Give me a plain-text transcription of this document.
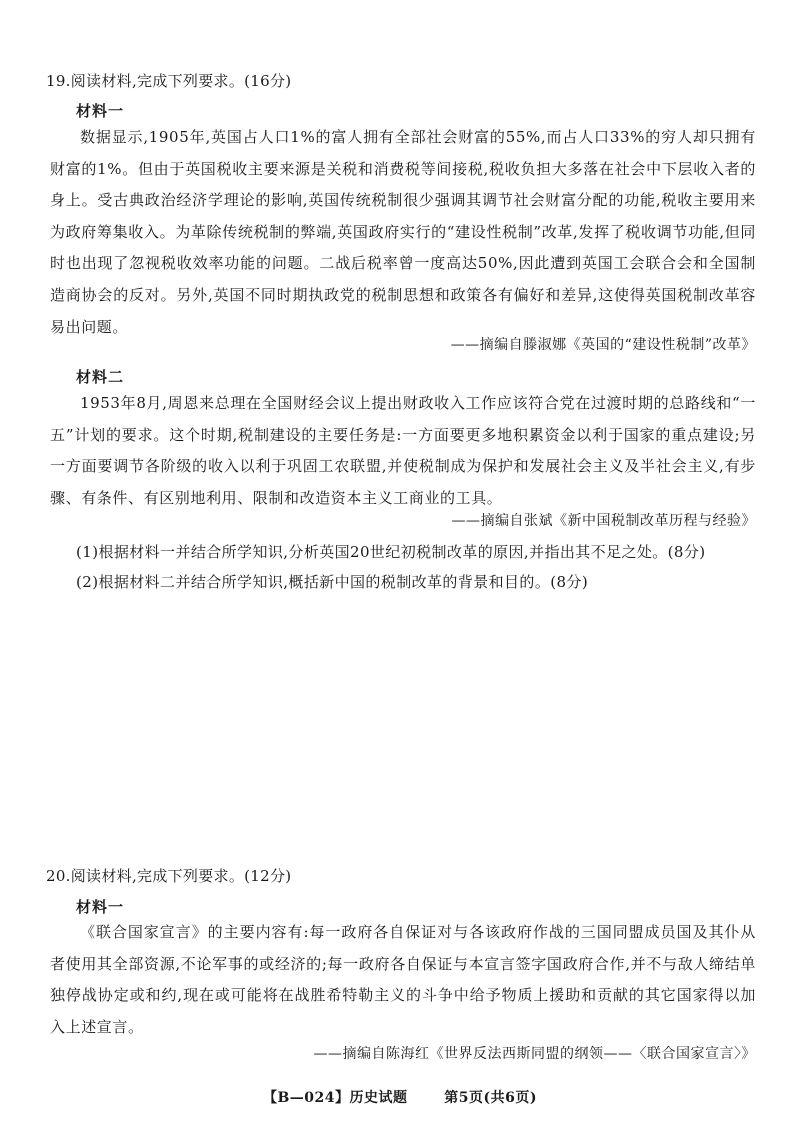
19.阅读材料,完成下列要求。(16分)
材料一

数据显示,1905年,英国占人口1%的富人拥有全部社会财富的55%,而占人口33%的穷人却只拥有财富的1%。但由于英国税收主要来源是关税和消费税等间接税,税收负担大多落在社会中下层收入者的身上。受古典政治经济学理论的影响,英国传统税制很少强调其调节社会财富分配的功能,税收主要用来为政府筹集收入。为革除传统税制的弊端,英国政府实行的“建设性税制”改革,发挥了税收调节功能,但同时也出现了忽视税收效率功能的问题。二战后税率曾一度高达50%,因此遭到英国工会联合会和全国制造商协会的反对。另外,英国不同时期执政党的税制思想和政策各有偏好和差异,这使得英国税制改革容易出问题。

——摘编自滕淑娜《英国的“建设性税制”改革》
材料二

1953年8月,周恩来总理在全国财经会议上提出财政收入工作应该符合党在过渡时期的总路线和“一五”计划的要求。这个时期,税制建设的主要任务是:一方面要更多地积累资金以利于国家的重点建设;另一方面要调节各阶级的收入以利于巩固工农联盟,并使税制成为保护和发展社会主义及半社会主义,有步骤、有条件、有区别地利用、限制和改造资本主义工商业的工具。

——摘编自张斌《新中国税制改革历程与经验》
(1)根据材料一并结合所学知识,分析英国20世纪初税制改革的原因,并指出其不足之处。(8分)
(2)根据材料二并结合所学知识,概括新中国的税制改革的背景和目的。(8分)
20.阅读材料,完成下列要求。(12分)
材料一

《联合国家宣言》的主要内容有:每一政府各自保证对与各该政府作战的三国同盟成员国及其仆从者使用其全部资源,不论军事的或经济的;每一政府各自保证与本宣言签字国政府合作,并不与敌人缔结单独停战协定或和约,现在或可能将在战胜希特勒主义的斗争中给予物质上援助和贡献的其它国家得以加入上述宣言。

——摘编自陈海红《世界反法西斯同盟的纲领——〈联合国家宣言〉》
【B—024】历史试题	第5页(共6页)
